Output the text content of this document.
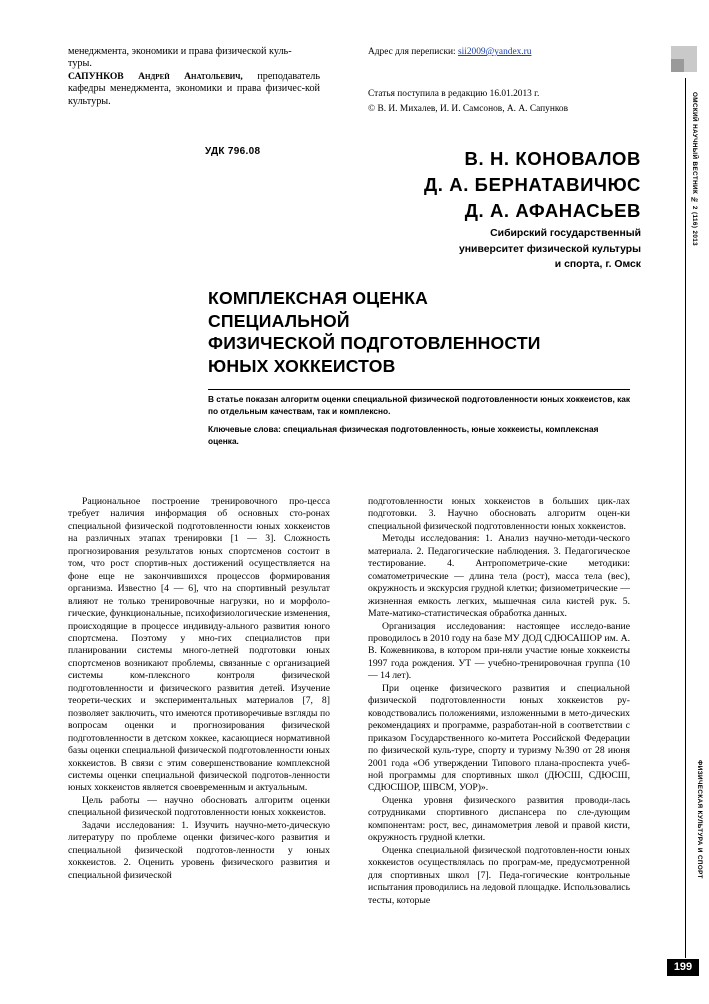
ОМСКИЙ НАУЧНЫЙ ВЕСТНИК № 2 (116) 2013
ФИЗИЧЕСКАЯ КУЛЬТУРА И СПОРТ
199
менеджмента, экономики и права физической куль-
туры.
САПУНКОВ Андрей Анатольевич, преподаватель кафедры менеджмента, экономики и права физичес-кой культуры.
Адрес для переписки: sii2009@yandex.ru
Статья поступила в редакцию 16.01.2013 г.
© В. И. Михалев, И. И. Самсонов, А. А. Сапунков
УДК 796.08	В. Н. КОНОВАЛОВ
Д. А. БЕРНАТАВИЧЮС
Д. А. АФАНАСЬЕВ
Сибирский государственный
университет физической культуры
и спорта, г. Омск
КОМПЛЕКСНАЯ ОЦЕНКА
СПЕЦИАЛЬНОЙ
ФИЗИЧЕСКОЙ ПОДГОТОВЛЕННОСТИ
ЮНЫХ ХОККЕИСТОВ

В статье показан алгоритм оценки специальной физической подготовленности юных хоккеистов, как по отдельным качествам, так и комплексно.

Ключевые слова: специальная физическая подготовленность, юные хоккеисты, комплексная оценка.

Рациональное построение тренировочного про-цесса требует наличия информация об основных сто-ронах специальной физической подготовленности юных хоккеистов на различных этапах тренировки [1 — 3]. Сложность прогнозирования результатов юных спортсменов состоит в том, что рост спортив-ных достижений осуществляется на фоне еще не закончившихся процессов формирования организма. Известно [4 — 6], что на спортивный результат влияют не только тренировочные нагрузки, но и морфоло-гические, функциональные, психофизиологические изменения, происходящие в процессе индивиду-ального развития юного спортсмена. Поэтому у мно-гих специалистов при планировании системы много-летней подготовки юных спортсменов возникают проблемы, связанные с организацией системы ком-плексного контроля физической подготовленности и физического развития детей. Изучение теорети-ческих и экспериментальных материалов [7, 8] позволяет заключить, что имеются противоречивые взгляды по вопросам оценки и прогнозирования физической подготовленности в детском хоккее, касающиеся нормативной базы оценки специальной физической подготовленности юных хоккеистов. В связи с этим совершенствование комплексной системы оценки специальной физической подготов-ленности юных хоккеистов является своевременным и актуальным.

Цель работы — научно обосновать алгоритм оценки специальной физической подготовленности юных хоккеистов.

Задачи исследования: 1. Изучить научно-мето-дическую литературу по проблеме оценки физичес-кого развития и специальной физической подготов-ленности у юных хоккеистов. 2. Оценить уровень физического развития и специальной физической

подготовленности юных хоккеистов в больших цик-лах подготовки. 3. Научно обосновать алгоритм оцен-ки специальной физической подготовленности юных хоккеистов.

Методы исследования: 1. Анализ научно-методи-ческого материала. 2. Педагогические наблюдения. 3. Педагогическое тестирование. 4. Антропометриче-ские методики: соматометрические — длина тела (рост), масса тела (вес), окружность и экскурсия грудной клетки; физиометрические — жизненная емкость легких, мышечная сила кистей рук. 5. Мате-матико-статистическая обработка данных.

Организация исследования: настоящее исследо-вание проводилось в 2010 году на базе МУ ДОД СДЮСАШОР им. А. В. Кожевникова, в котором при-няли участие юные хоккеисты 1997 года рождения. УТ — учебно-тренировочная группа (10 — 14 лет).

При оценке физического развития и специальной физической подготовленности юных хоккеистов ру-ководствовались положениями, изложенными в мето-дических рекомендациях и программе, разработан-ной в соответствии с приказом Государственного ко-митета Российской Федерации по физической куль-туре, спорту и туризму №390 от 28 июня 2001 года «Об утверждении Типового плана-проспекта учеб-ной программы для спортивных школ (ДЮСШ, СДЮСШ, СДЮСШОР, ШВСМ, УОР)».

Оценка уровня физического развития проводи-лась сотрудниками спортивного диспансера по сле-дующим компонентам: рост, вес, динамометрия левой и правой кисти, окружность грудной клетки.

Оценка специальной физической подготовлен-ности юных хоккеистов осуществлялась по програм-ме, предусмотренной для спортивных школ [7]. Педа-гогические контрольные испытания проводились на ледовой площадке. Использовались тесты, которые
